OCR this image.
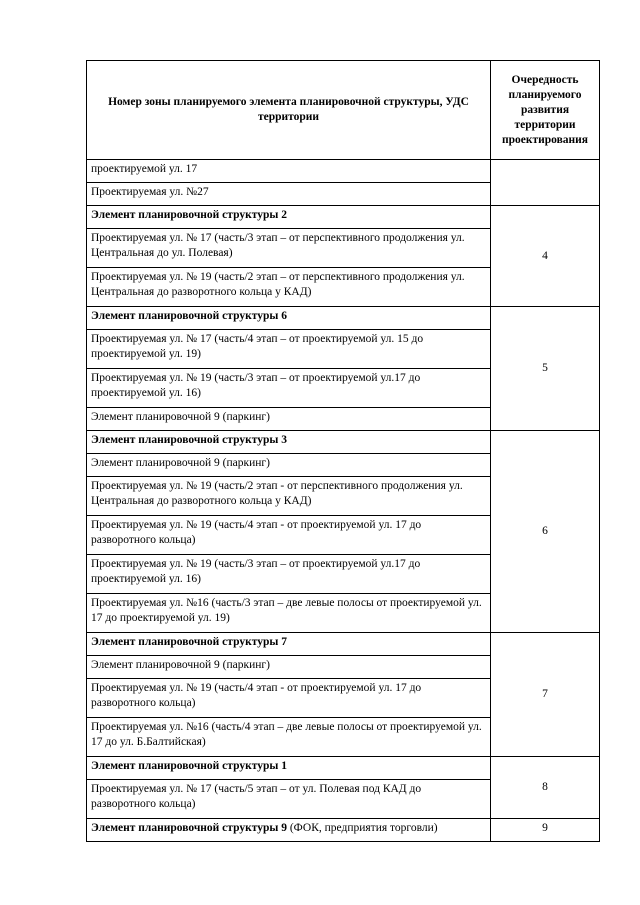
Номер зоны планируемого элемента планировочной структуры, УДС территории	Очередность планируемого развития территории проектирования
проектируемой ул. 17	
Проектируемая ул. №27	
Элемент планировочной структуры 2	4
Проектируемая ул. № 17 (часть/3 этап – от перспективного продолжения ул. Центральная до ул. Полевая)	
Проектируемая ул. № 19 (часть/2 этап – от перспективного продолжения ул. Центральная до разворотного кольца у КАД)	
Элемент планировочной структуры 6	5
Проектируемая ул. № 17 (часть/4 этап – от проектируемой ул. 15 до проектируемой ул. 19)	
Проектируемая ул. № 19 (часть/3 этап – от проектируемой ул.17 до проектируемой ул. 16)	
Элемент планировочной 9 (паркинг)	
Элемент планировочной структуры 3	6
Элемент планировочной 9 (паркинг)	
Проектируемая ул. № 19 (часть/2 этап - от перспективного продолжения ул. Центральная до разворотного кольца у КАД)	
Проектируемая ул. № 19 (часть/4 этап - от проектируемой ул. 17 до разворотного кольца)	
Проектируемая ул. № 19 (часть/3 этап – от проектируемой ул.17 до проектируемой ул. 16)	
Проектируемая ул. №16 (часть/3 этап – две левые полосы от проектируемой ул. 17 до проектируемой ул. 19)	
Элемент планировочной структуры 7	7
Элемент планировочной 9 (паркинг)	
Проектируемая ул. № 19 (часть/4 этап - от проектируемой ул. 17 до разворотного кольца)	
Проектируемая ул. №16 (часть/4 этап – две левые полосы от проектируемой ул. 17 до ул. Б.Балтийская)	
Элемент планировочной структуры 1	8
Проектируемая ул. № 17 (часть/5 этап – от ул. Полевая под КАД до разворотного кольца)	
Элемент планировочной структуры 9 (ФОК, предприятия торговли)	9
